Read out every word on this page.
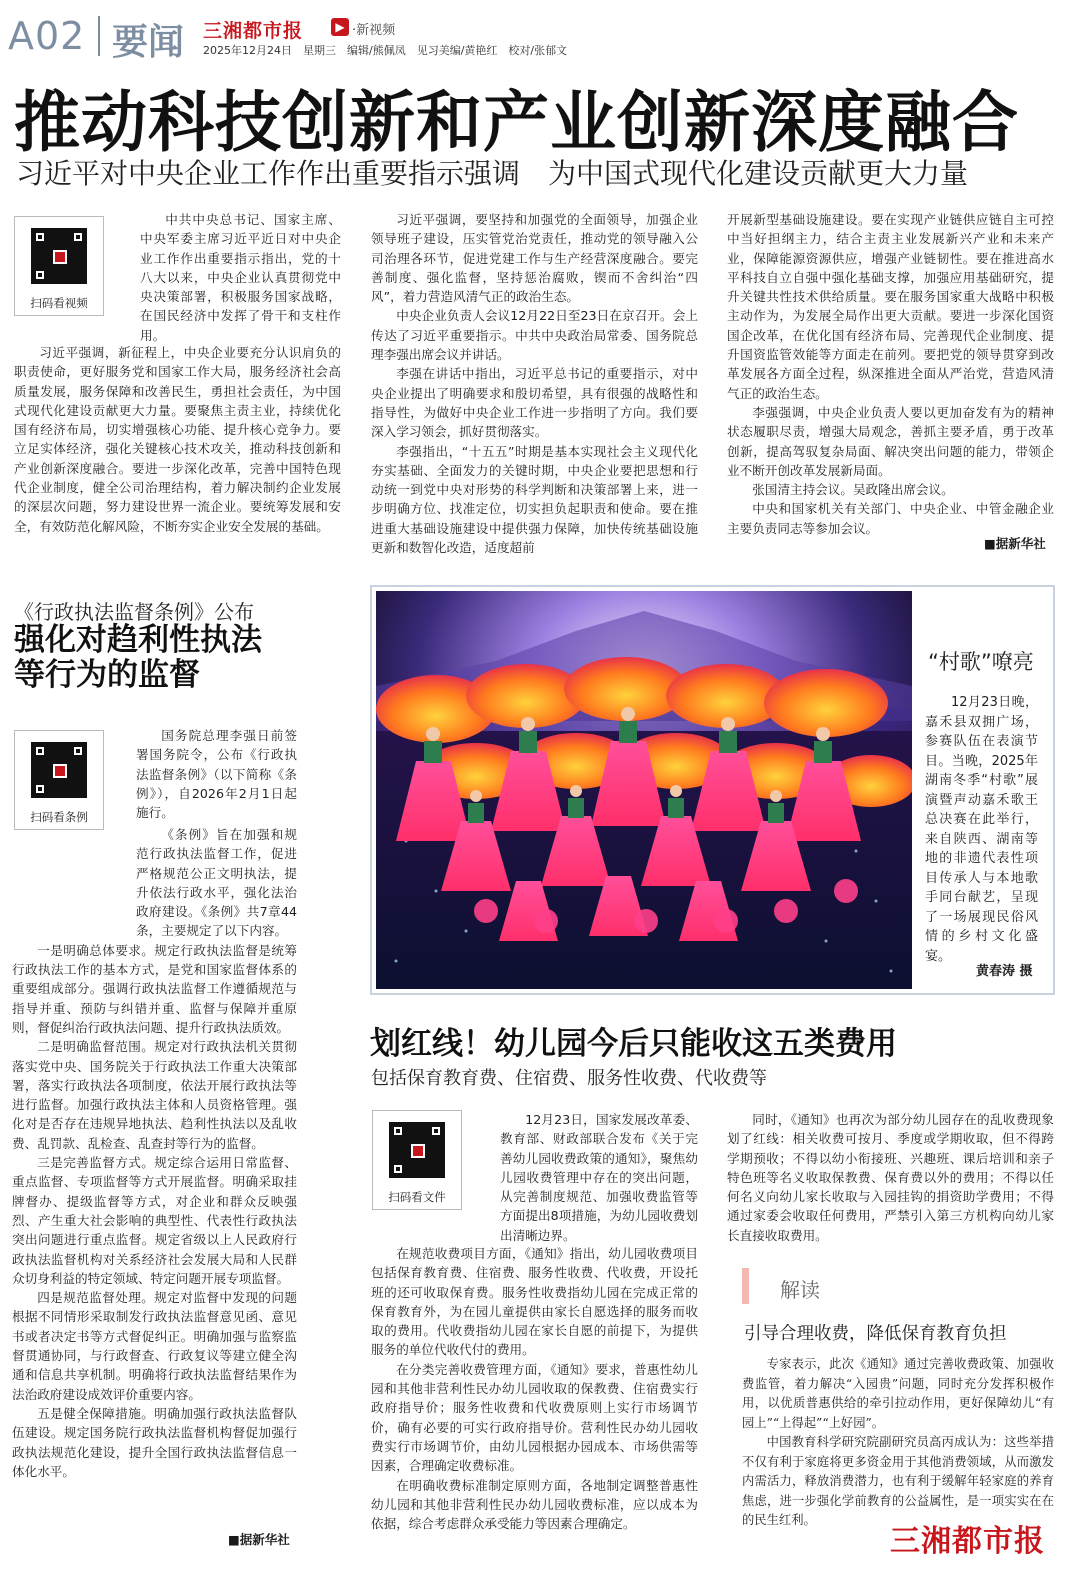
A02 要闻 三湘都市报	▶ ·新视频
2025年12月24日　星期三　编辑/熊佩凤　见习美编/黄艳红　校对/张郁文
推动科技创新和产业创新深度融合
习近平对中央企业工作作出重要指示强调　为中国式现代化建设贡献更大力量
扫码看视频

中共中央总书记、国家主席、中央军委主席习近平近日对中央企业工作作出重要指示指出，党的十八大以来，中央企业认真贯彻党中央决策部署，积极服务国家战略，在国民经济中发挥了骨干和支柱作用。

习近平强调，新征程上，中央企业要充分认识肩负的职责使命，更好服务党和国家工作大局，服务经济社会高质量发展，服务保障和改善民生，勇担社会责任，为中国式现代化建设贡献更大力量。要聚焦主责主业，持续优化国有经济布局，切实增强核心功能、提升核心竞争力。要立足实体经济，强化关键核心技术攻关，推动科技创新和产业创新深度融合。要进一步深化改革，完善中国特色现代企业制度，健全公司治理结构，着力解决制约企业发展的深层次问题，努力建设世界一流企业。要统筹发展和安全，有效防范化解风险，不断夯实企业安全发展的基础。

习近平强调，要坚持和加强党的全面领导，加强企业领导班子建设，压实管党治党责任，推动党的领导融入公司治理各环节，促进党建工作与生产经营深度融合。要完善制度、强化监督，坚持惩治腐败，锲而不舍纠治“四风”，着力营造风清气正的政治生态。

中央企业负责人会议12月22日至23日在京召开。会上传达了习近平重要指示。中共中央政治局常委、国务院总理李强出席会议并讲话。

李强在讲话中指出，习近平总书记的重要指示，对中央企业提出了明确要求和殷切希望，具有很强的战略性和指导性，为做好中央企业工作进一步指明了方向。我们要深入学习领会，抓好贯彻落实。

李强指出，“十五五”时期是基本实现社会主义现代化夯实基础、全面发力的关键时期，中央企业要把思想和行动统一到党中央对形势的科学判断和决策部署上来，进一步明确方位、找准定位，切实担负起职责和使命。要在推进重大基础设施建设中提供强力保障，加快传统基础设施更新和数智化改造，适度超前

开展新型基础设施建设。要在实现产业链供应链自主可控中当好担纲主力，结合主责主业发展新兴产业和未来产业，保障能源资源供应，增强产业链韧性。要在推进高水平科技自立自强中强化基础支撑，加强应用基础研究，提升关键共性技术供给质量。要在服务国家重大战略中积极主动作为，为发展全局作出更大贡献。要进一步深化国资国企改革，在优化国有经济布局、完善现代企业制度、提升国资监管效能等方面走在前列。要把党的领导贯穿到改革发展各方面全过程，纵深推进全面从严治党，营造风清气正的政治生态。

李强强调，中央企业负责人要以更加奋发有为的精神状态履职尽责，增强大局观念，善抓主要矛盾，勇于改革创新，提高驾驭复杂局面、解决突出问题的能力，带领企业不断开创改革发展新局面。

张国清主持会议。吴政隆出席会议。

中央和国家机关有关部门、中央企业、中管金融企业主要负责同志等参加会议。

■据新华社
《行政执法监督条例》公布
强化对趋利性执法
等行为的监督
扫码看条例

国务院总理李强日前签署国务院令，公布《行政执法监督条例》（以下简称《条例》），自2026年2月1日起施行。

《条例》旨在加强和规范行政执法监督工作，促进严格规范公正文明执法，提升依法行政水平，强化法治政府建设。《条例》共7章44条，主要规定了以下内容。

一是明确总体要求。规定行政执法监督是统筹行政执法工作的基本方式，是党和国家监督体系的重要组成部分。强调行政执法监督工作遵循规范与指导并重、预防与纠错并重、监督与保障并重原则，督促纠治行政执法问题、提升行政执法质效。

二是明确监督范围。规定对行政执法机关贯彻落实党中央、国务院关于行政执法工作重大决策部署，落实行政执法各项制度，依法开展行政执法等进行监督。加强行政执法主体和人员资格管理。强化对是否存在违规异地执法、趋利性执法以及乱收费、乱罚款、乱检查、乱查封等行为的监督。

三是完善监督方式。规定综合运用日常监督、重点监督、专项监督等方式开展监督。明确采取挂牌督办、提级监督等方式，对企业和群众反映强烈、产生重大社会影响的典型性、代表性行政执法突出问题进行重点监督。规定省级以上人民政府行政执法监督机构对关系经济社会发展大局和人民群众切身利益的特定领域、特定问题开展专项监督。

四是规范监督处理。规定对监督中发现的问题根据不同情形采取制发行政执法监督意见函、意见书或者决定书等方式督促纠正。明确加强与监察监督贯通协同，与行政督查、行政复议等建立健全沟通和信息共享机制。明确将行政执法监督结果作为法治政府建设成效评价重要内容。

五是健全保障措施。明确加强行政执法监督队伍建设。规定国务院行政执法监督机构督促加强行政执法规范化建设，提升全国行政执法监督信息一体化水平。

■据新华社
“村歌”嘹亮
12月23日晚，嘉禾县双拥广场，参赛队伍在表演节目。当晚，2025年湖南冬季“村歌”展演暨声动嘉禾歌王总决赛在此举行，来自陕西、湖南等地的非遗代表性项目传承人与本地歌手同台献艺，呈现了一场展现民俗风情的乡村文化盛宴。
黄春涛 摄
划红线！幼儿园今后只能收这五类费用
包括保育教育费、住宿费、服务性收费、代收费等
扫码看文件

12月23日，国家发展改革委、教育部、财政部联合发布《关于完善幼儿园收费政策的通知》，聚焦幼儿园收费管理中存在的突出问题，从完善制度规范、加强收费监管等方面提出8项措施，为幼儿园收费划出清晰边界。

在规范收费项目方面，《通知》指出，幼儿园收费项目包括保育教育费、住宿费、服务性收费、代收费，开设托班的还可收取保育费。服务性收费指幼儿园在完成正常的保育教育外，为在园儿童提供由家长自愿选择的服务而收取的费用。代收费指幼儿园在家长自愿的前提下，为提供服务的单位代收代付的费用。

在分类完善收费管理方面，《通知》要求，普惠性幼儿园和其他非营利性民办幼儿园收取的保教费、住宿费实行政府指导价；服务性收费和代收费原则上实行市场调节价，确有必要的可实行政府指导价。营利性民办幼儿园收费实行市场调节价，由幼儿园根据办园成本、市场供需等因素，合理确定收费标准。

在明确收费标准制定原则方面，各地制定调整普惠性幼儿园和其他非营利性民办幼儿园收费标准，应以成本为依据，综合考虑群众承受能力等因素合理确定。

同时，《通知》也再次为部分幼儿园存在的乱收费现象划了红线：相关收费可按月、季度或学期收取，但不得跨学期预收；不得以幼小衔接班、兴趣班、课后培训和亲子特色班等名义收取保教费、保育费以外的费用；不得以任何名义向幼儿家长收取与入园挂钩的捐资助学费用；不得通过家委会收取任何费用，严禁引入第三方机构向幼儿家长直接收取费用。

解读
引导合理收费，降低保育教育负担

专家表示，此次《通知》通过完善收费政策、加强收费监管，着力解决“入园贵”问题，同时充分发挥积极作用，以优质普惠供给的牵引拉动作用，更好保障幼儿“有园上”“上得起”“上好园”。

中国教育科学研究院副研究员高丙成认为：这些举措不仅有利于家庭将更多资金用于其他消费领域，从而激发内需活力，释放消费潜力，也有利于缓解年轻家庭的养育焦虑，进一步强化学前教育的公益属性，是一项实实在在的民生红利。

三湘都市报
